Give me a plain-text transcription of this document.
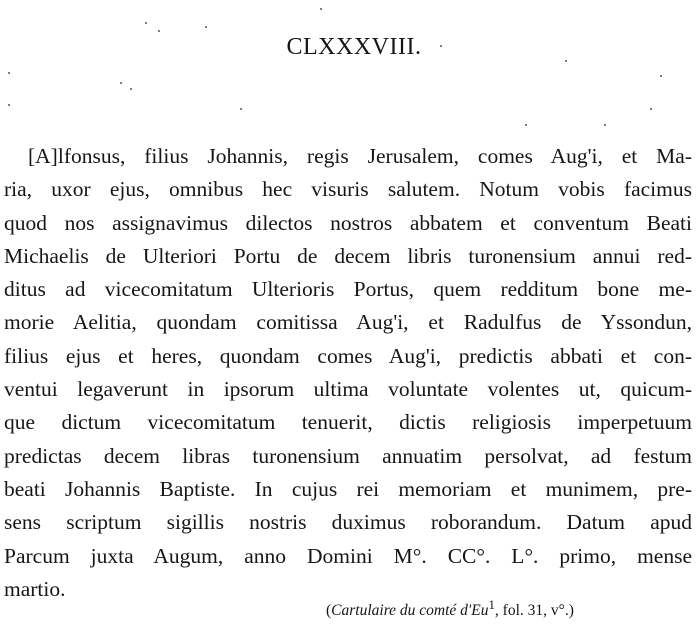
CLXXXVIII.
[A]lfonsus, filius Johannis, regis Jerusalem, comes Aug'i, et Ma-
ria, uxor ejus, omnibus hec visuris salutem. Notum vobis facimus
quod nos assignavimus dilectos nostros abbatem et conventum Beati
Michaelis de Ulteriori Portu de decem libris turonensium annui red-
ditus ad vicecomitatum Ulterioris Portus, quem redditum bone me-
morie Aelitia, quondam comitissa Aug'i, et Radulfus de Yssondun,
filius ejus et heres, quondam comes Aug'i, predictis abbati et con-
ventui legaverunt in ipsorum ultima voluntate volentes ut, quicum-
que dictum vicecomitatum tenuerit, dictis religiosis imperpetuum
predictas decem libras turonensium annuatim persolvat, ad festum
beati Johannis Baptiste. In cujus rei memoriam et munimem, pre-
sens scriptum sigillis nostris duximus roborandum. Datum apud
Parcum juxta Augum, anno Domini M°. CC°. L°. primo, mense
martio.
(Cartulaire du comté d'Eu$^1$, fol. 31, v°.)
